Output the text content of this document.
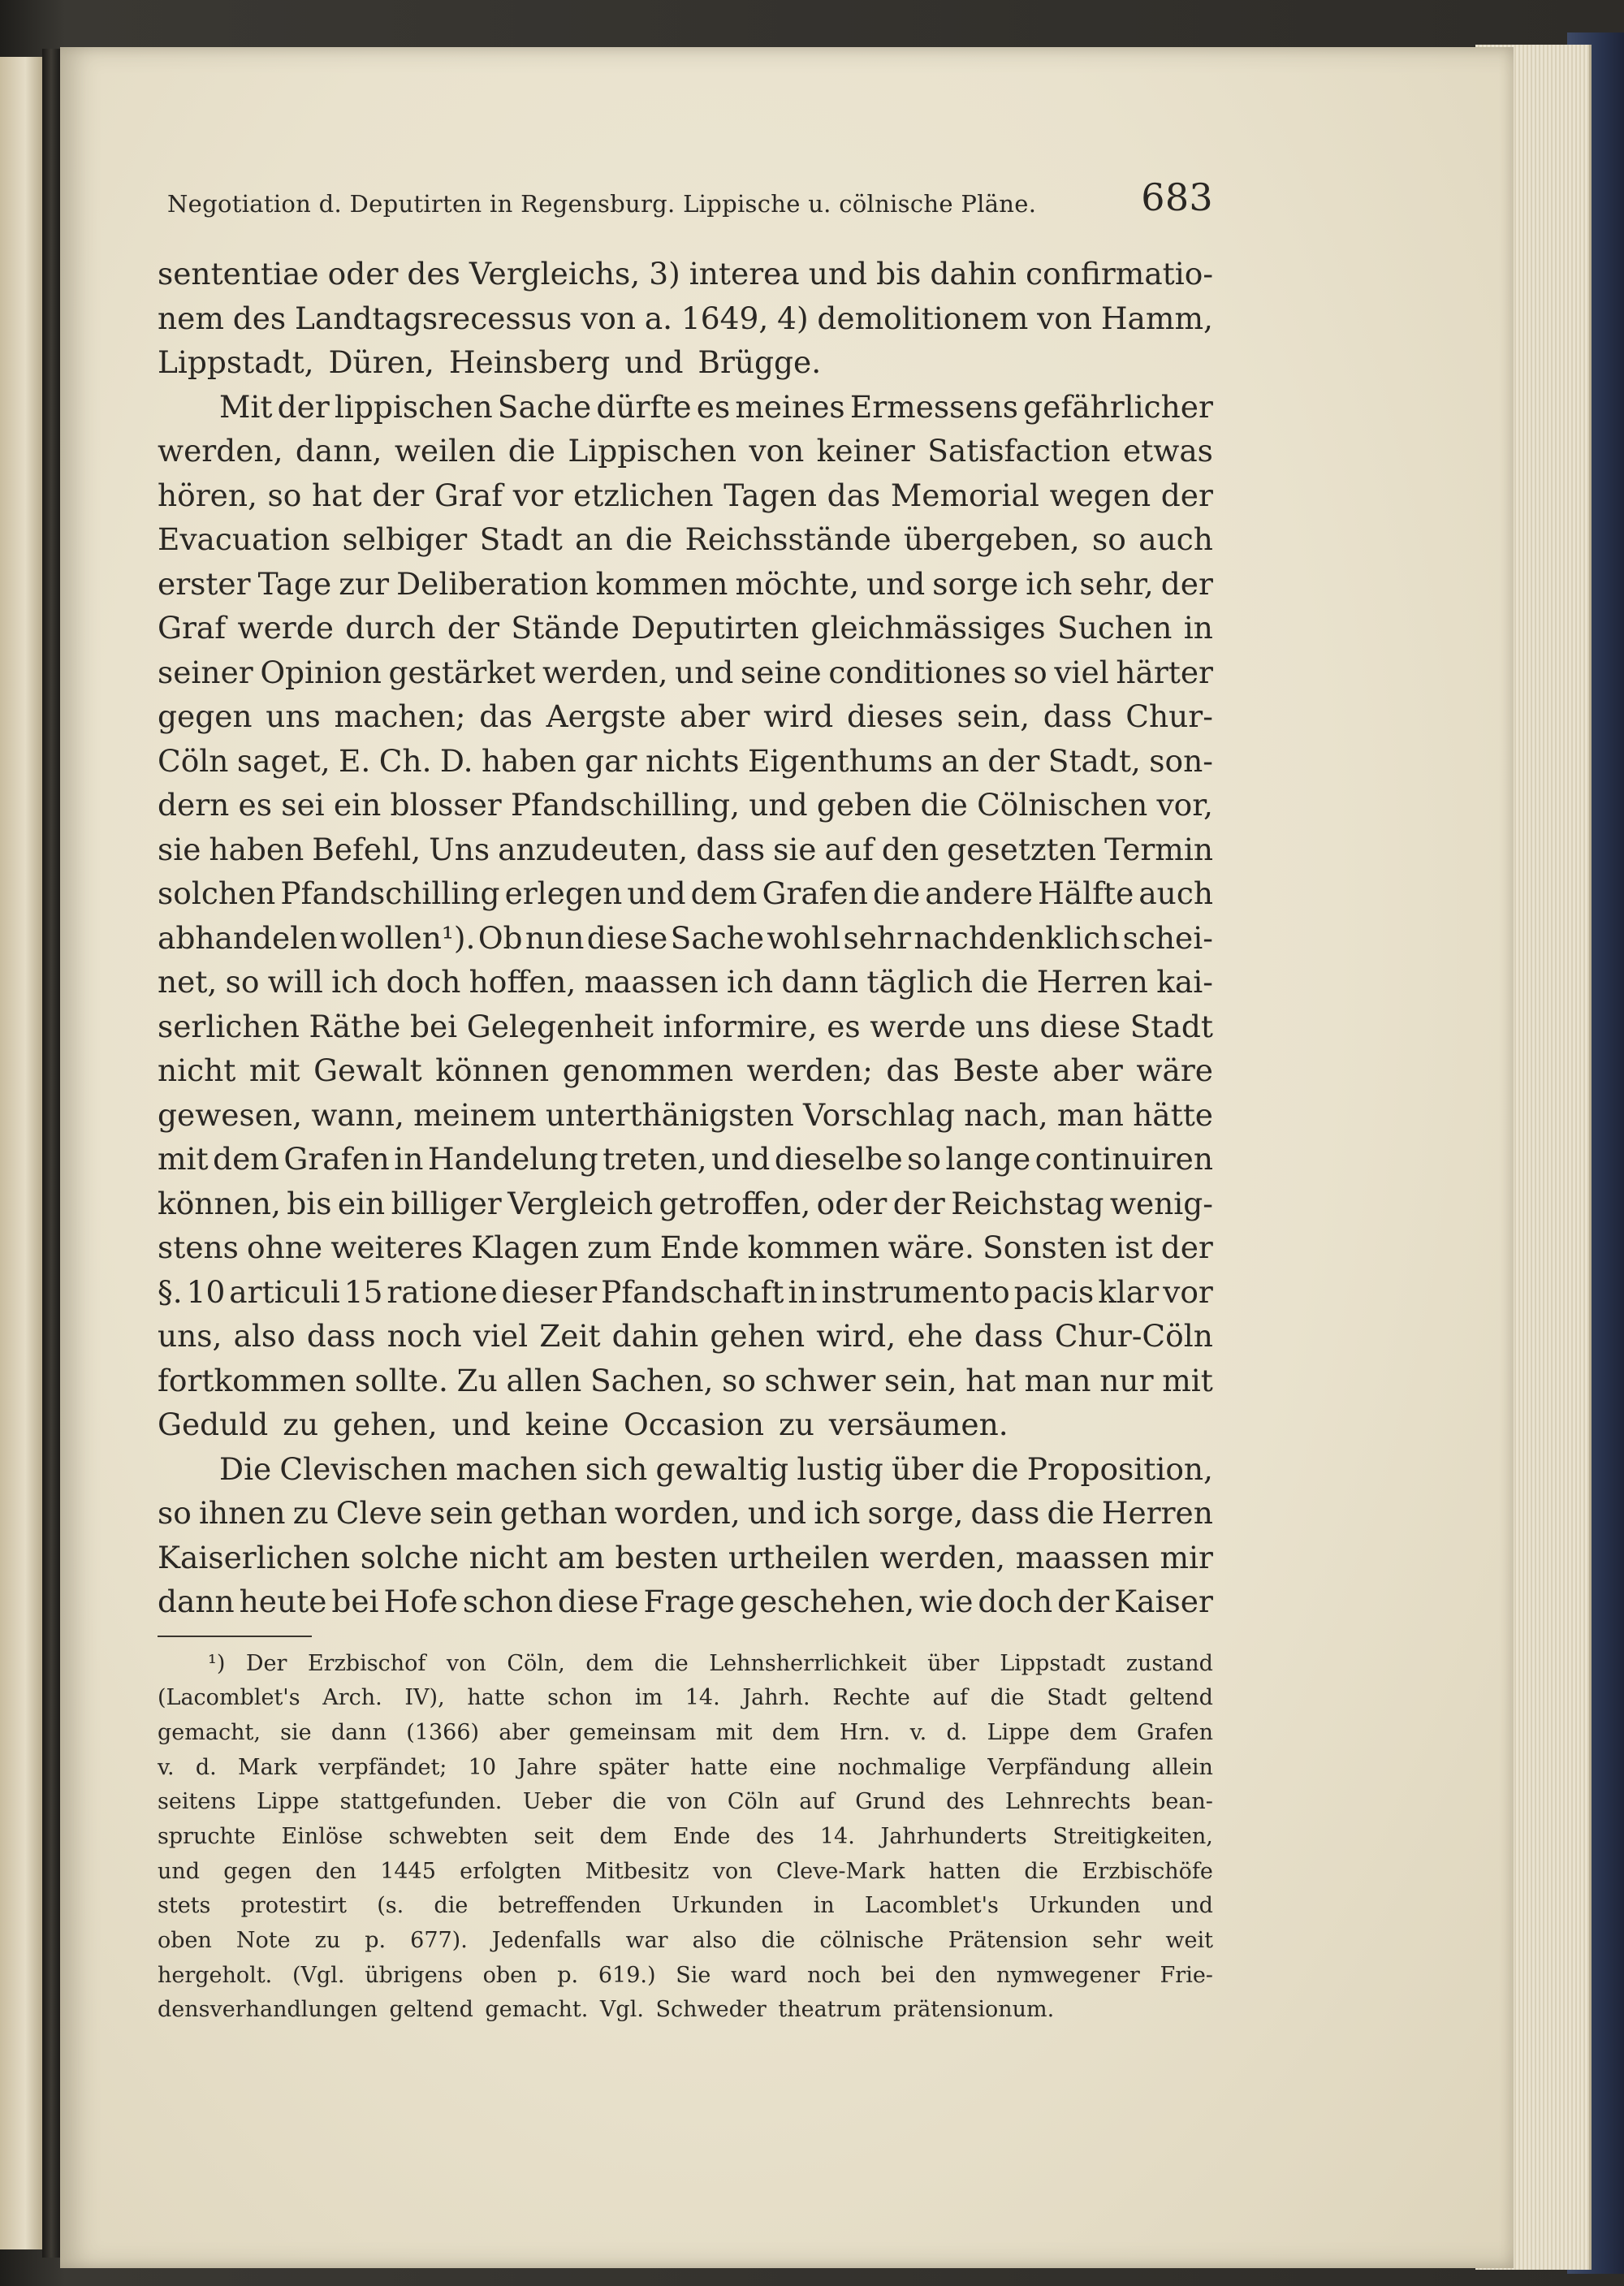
Negotiation d. Deputirten in Regensburg. Lippische u. cölnische Pläne.	683
sententiae oder des Vergleichs, 3) interea und bis dahin confirmatio-
nem des Landtagsrecessus von a. 1649, 4) demolitionem von Hamm,
Lippstadt, Düren, Heinsberg und Brügge.
Mit der lippischen Sache dürfte es meines Ermessens gefährlicher
werden, dann, weilen die Lippischen von keiner Satisfaction etwas
hören, so hat der Graf vor etzlichen Tagen das Memorial wegen der
Evacuation selbiger Stadt an die Reichsstände übergeben, so auch
erster Tage zur Deliberation kommen möchte, und sorge ich sehr, der
Graf werde durch der Stände Deputirten gleichmässiges Suchen in
seiner Opinion gestärket werden, und seine conditiones so viel härter
gegen uns machen; das Aergste aber wird dieses sein, dass Chur-
Cöln saget, E. Ch. D. haben gar nichts Eigenthums an der Stadt, son-
dern es sei ein blosser Pfandschilling, und geben die Cölnischen vor,
sie haben Befehl, Uns anzudeuten, dass sie auf den gesetzten Termin
solchen Pfandschilling erlegen und dem Grafen die andere Hälfte auch
abhandelen wollen¹). Ob nun diese Sache wohl sehr nachdenklich schei-
net, so will ich doch hoffen, maassen ich dann täglich die Herren kai-
serlichen Räthe bei Gelegenheit informire, es werde uns diese Stadt
nicht mit Gewalt können genommen werden; das Beste aber wäre
gewesen, wann, meinem unterthänigsten Vorschlag nach, man hätte
mit dem Grafen in Handelung treten, und dieselbe so lange continuiren
können, bis ein billiger Vergleich getroffen, oder der Reichstag wenig-
stens ohne weiteres Klagen zum Ende kommen wäre. Sonsten ist der
§. 10 articuli 15 ratione dieser Pfandschaft in instrumento pacis klar vor
uns, also dass noch viel Zeit dahin gehen wird, ehe dass Chur-Cöln
fortkommen sollte. Zu allen Sachen, so schwer sein, hat man nur mit
Geduld zu gehen, und keine Occasion zu versäumen.
Die Clevischen machen sich gewaltig lustig über die Proposition,
so ihnen zu Cleve sein gethan worden, und ich sorge, dass die Herren
Kaiserlichen solche nicht am besten urtheilen werden, maassen mir
dann heute bei Hofe schon diese Frage geschehen, wie doch der Kaiser
¹) Der Erzbischof von Cöln, dem die Lehnsherrlichkeit über Lippstadt zustand
(Lacomblet's Arch. IV), hatte schon im 14. Jahrh. Rechte auf die Stadt geltend
gemacht, sie dann (1366) aber gemeinsam mit dem Hrn. v. d. Lippe dem Grafen
v. d. Mark verpfändet; 10 Jahre später hatte eine nochmalige Verpfändung allein
seitens Lippe stattgefunden. Ueber die von Cöln auf Grund des Lehnrechts bean-
spruchte Einlöse schwebten seit dem Ende des 14. Jahrhunderts Streitigkeiten,
und gegen den 1445 erfolgten Mitbesitz von Cleve-Mark hatten die Erzbischöfe
stets protestirt (s. die betreffenden Urkunden in Lacomblet's Urkunden und
oben Note zu p. 677). Jedenfalls war also die cölnische Prätension sehr weit
hergeholt. (Vgl. übrigens oben p. 619.) Sie ward noch bei den nymwegener Frie-
densverhandlungen geltend gemacht. Vgl. Schweder theatrum prätensionum.
